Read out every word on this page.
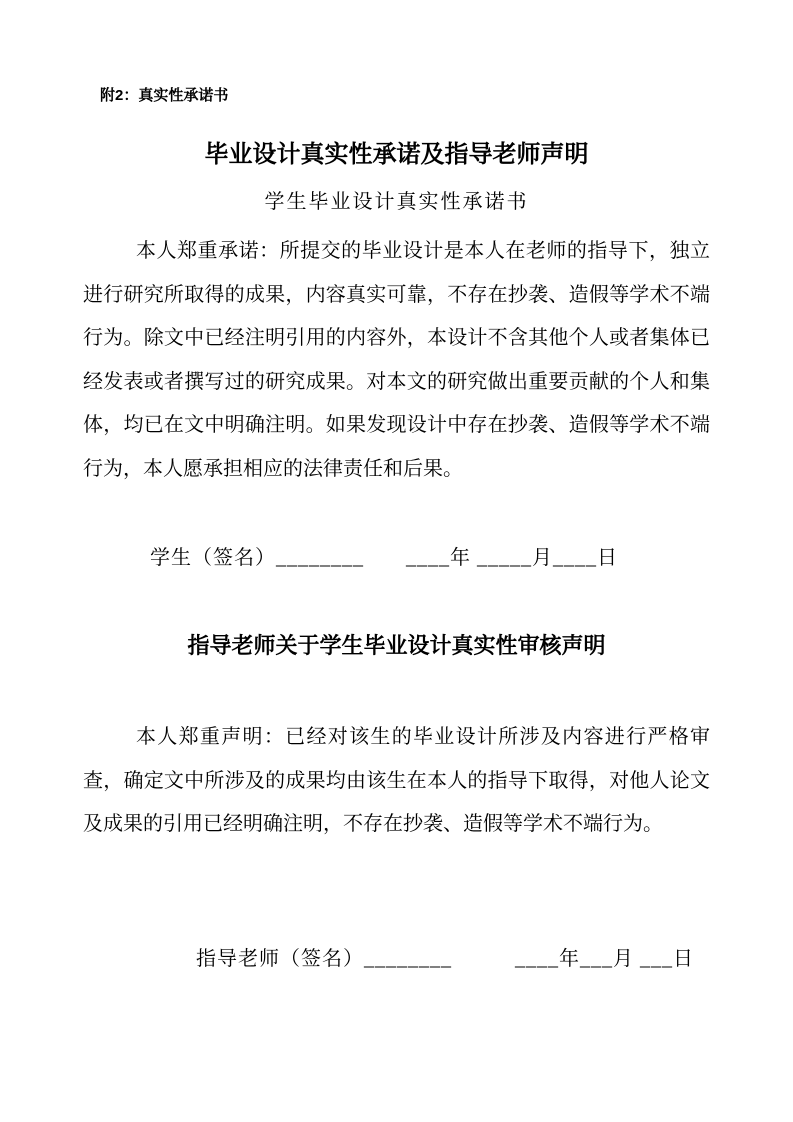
附2：真实性承诺书
毕业设计真实性承诺及指导老师声明
学生毕业设计真实性承诺书
本人郑重承诺：所提交的毕业设计是本人在老师的指导下，独立进行研究所取得的成果，内容真实可靠，不存在抄袭、造假等学术不端行为。除文中已经注明引用的内容外，本设计不含其他个人或者集体已经发表或者撰写过的研究成果。对本文的研究做出重要贡献的个人和集体，均已在文中明确注明。如果发现设计中存在抄袭、造假等学术不端行为，本人愿承担相应的法律责任和后果。
学生（签名）________　　____年 _____月____日
指导老师关于学生毕业设计真实性审核声明
本人郑重声明：已经对该生的毕业设计所涉及内容进行严格审查，确定文中所涉及的成果均由该生在本人的指导下取得，对他人论文及成果的引用已经明确注明，不存在抄袭、造假等学术不端行为。
指导老师（签名）________　　　____年___月 ___日
